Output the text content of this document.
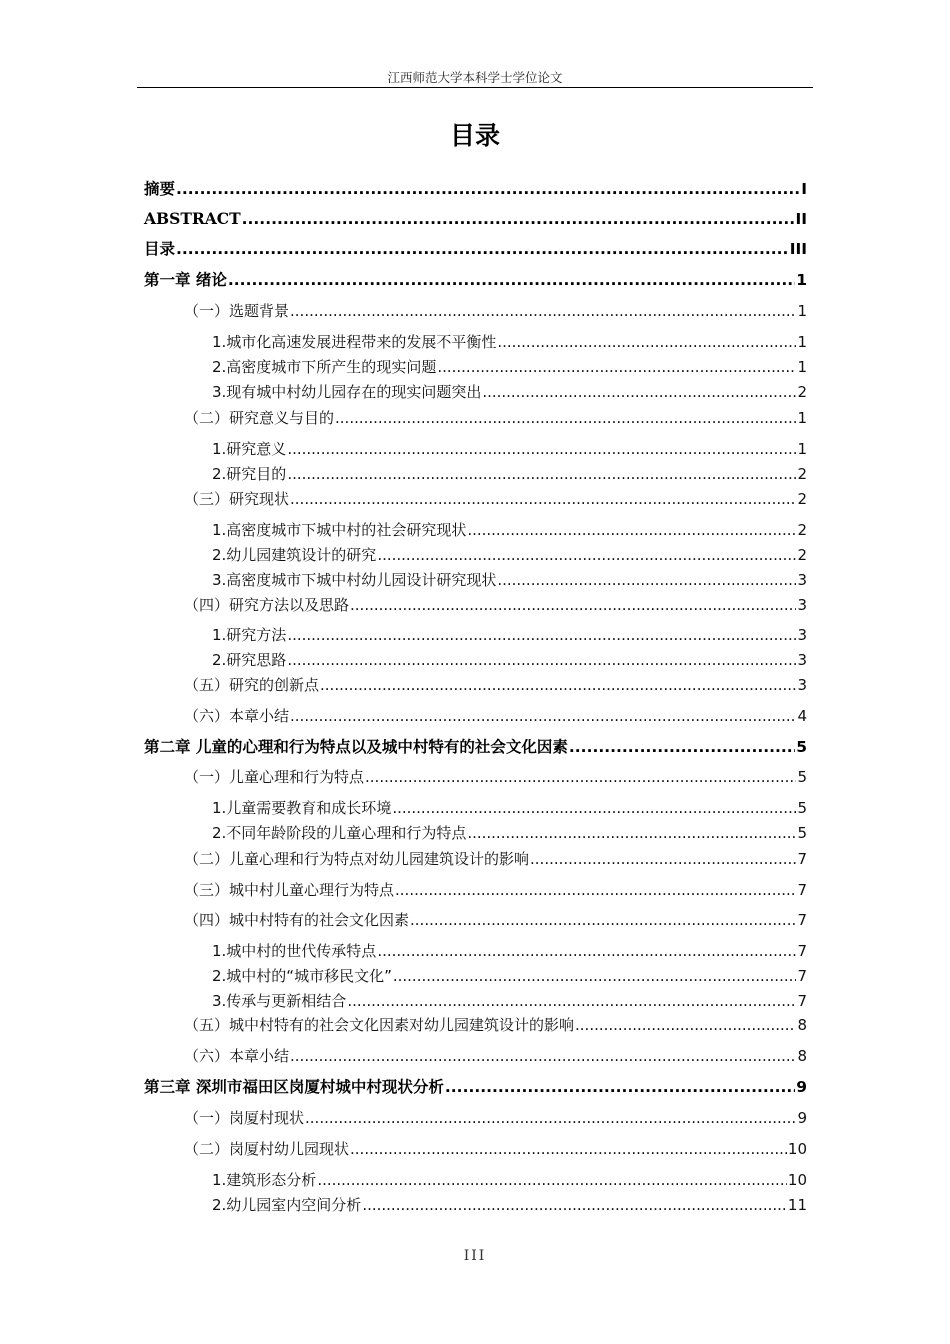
江西师范大学本科学士学位论文
目录
摘要 .....	I
ABSTRACT .....	II
目录 .....	III
第一章 绪论 .....	1
（一）选题背景 .....	1
1.城市化高速发展进程带来的发展不平衡性 .....	1
2.高密度城市下所产生的现实问题 .....	1
3.现有城中村幼儿园存在的现实问题突出 .....	2
（二）研究意义与目的 .....	1
1.研究意义 .....	1
2.研究目的 .....	2
（三）研究现状 .....	2
1.高密度城市下城中村的社会研究现状 .....	2
2.幼儿园建筑设计的研究 .....	2
3.高密度城市下城中村幼儿园设计研究现状 .....	3
（四）研究方法以及思路 .....	3
1.研究方法 .....	3
2.研究思路 .....	3
（五）研究的创新点 .....	3
（六）本章小结 .....	4
第二章 儿童的心理和行为特点以及城中村特有的社会文化因素 .....	5
（一）儿童心理和行为特点 .....	5
1.儿童需要教育和成长环境 .....	5
2.不同年龄阶段的儿童心理和行为特点 .....	5
（二）儿童心理和行为特点对幼儿园建筑设计的影响 .....	7
（三）城中村儿童心理行为特点 .....	7
（四）城中村特有的社会文化因素 .....	7
1.城中村的世代传承特点 .....	7
2.城中村的“城市移民文化” .....	7
3.传承与更新相结合 .....	7
（五）城中村特有的社会文化因素对幼儿园建筑设计的影响 .....	8
（六）本章小结 .....	8
第三章 深圳市福田区岗厦村城中村现状分析 .....	9
（一）岗厦村现状 .....	9
（二）岗厦村幼儿园现状 .....	10
1.建筑形态分析 .....	10
2.幼儿园室内空间分析 .....	11
III
